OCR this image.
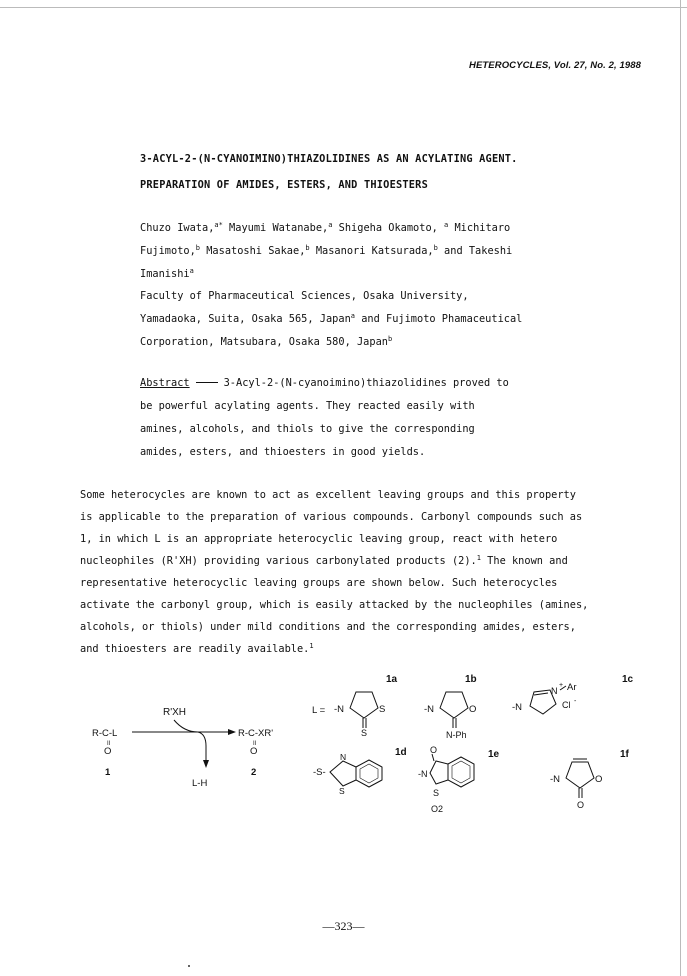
HETEROCYCLES, Vol. 27, No. 2, 1988
3-ACYL-2-(N-CYANOIMINO)THIAZOLIDINES AS AN ACYLATING AGENT.
PREPARATION OF AMIDES, ESTERS, AND THIOESTERS
Chuzo Iwata,$^{a*}$ Mayumi Watanabe,$^a$ Shigeha Okamoto, $^a$ Michitaro
Fujimoto,$^b$ Masatoshi Sakae,$^b$ Masanori Katsurada,$^b$ and Takeshi
Imanishi$^a$
Faculty of Pharmaceutical Sciences, Osaka University,
Yamadaoka, Suita, Osaka 565, Japan$^a$ and Fujimoto Phamaceutical
Corporation, Matsubara, Osaka 580, Japan$^b$
Abstract	3-Acyl-2-(N-cyanoimino)thiazolidines proved to
be powerful acylating agents. They reacted easily with
amines, alcohols, and thiols to give the corresponding
amides, esters, and thioesters in good yields.
Some heterocycles are known to act as excellent leaving groups and this property
is applicable to the preparation of various compounds. Carbonyl compounds such as
1, in which L is an appropriate heterocyclic leaving group, react with hetero
nucleophiles (R'XH) providing various carbonylated products (2).$^1$ The known and
representative heterocyclic leaving groups are shown below. Such heterocycles
activate the carbonyl group, which is easily attacked by the nucleophiles (amines,
alcohols, or thiols) under mild conditions and the corresponding amides, esters,
and thioesters are readily available.$^1$
R'XH
R-C-L
II
O
1
L-H
R-C-XR'
II
O
2
L =
1a
-N	S
S
1b
-N	O
N-Ph
1c
-N
N
+ Ar
Cl -
1d
-S-
N
S
1e
O
-N
S
O2
1f
-N	O
O
—323—
